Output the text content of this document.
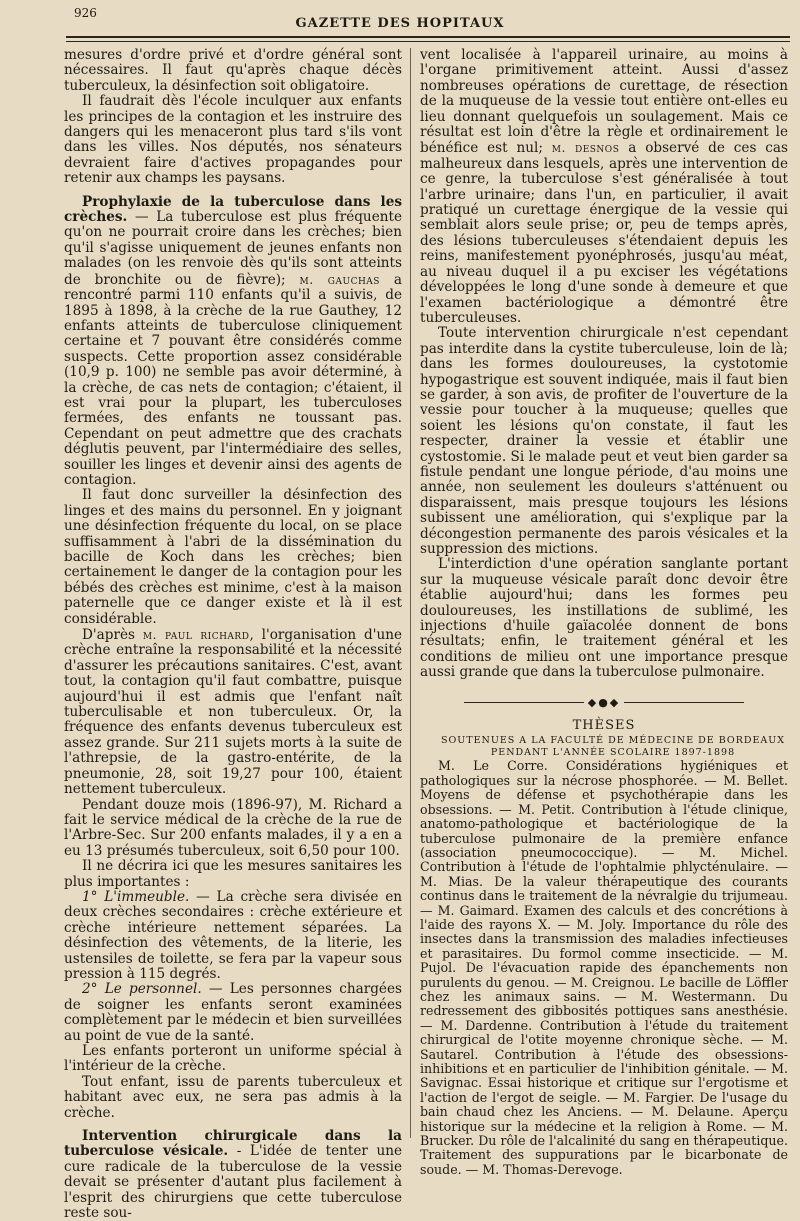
926
GAZETTE DES HOPITAUX

mesures d'ordre privé et d'ordre général sont nécessaires. Il faut qu'après chaque décès tuberculeux, la désinfection soit obligatoire.

Il faudrait dès l'école inculquer aux enfants les principes de la contagion et les instruire des dangers qui les menaceront plus tard s'ils vont dans les villes. Nos députés, nos sénateurs devraient faire d'actives propagandes pour retenir aux champs les paysans.

Prophylaxie de la tuberculose dans les crèches. — La tuberculose est plus fréquente qu'on ne pourrait croire dans les crèches; bien qu'il s'agisse uniquement de jeunes enfants non malades (on les renvoie dès qu'ils sont atteints de bronchite ou de fièvre); m. gauchas a rencontré parmi 110 enfants qu'il a suivis, de 1895 à 1898, à la crèche de la rue Gauthey, 12 enfants atteints de tuberculose cliniquement certaine et 7 pouvant être considérés comme suspects. Cette proportion assez considérable (10,9 p. 100) ne semble pas avoir déterminé, à la crèche, de cas nets de contagion; c'étaient, il est vrai pour la plupart, les tuberculoses fermées, des enfants ne toussant pas. Cependant on peut admettre que des crachats déglutis peuvent, par l'intermédiaire des selles, souiller les linges et devenir ainsi des agents de contagion.

Il faut donc surveiller la désinfection des linges et des mains du personnel. En y joignant une désinfection fréquente du local, on se place suffisamment à l'abri de la dissémination du bacille de Koch dans les crèches; bien certainement le danger de la contagion pour les bébés des crèches est minime, c'est à la maison paternelle que ce danger existe et là il est considérable.

D'après m. paul richard, l'organisation d'une crèche entraîne la responsabilité et la nécessité d'assurer les précautions sanitaires. C'est, avant tout, la contagion qu'il faut combattre, puisque aujourd'hui il est admis que l'enfant naît tuberculisable et non tuberculeux. Or, la fréquence des enfants devenus tuberculeux est assez grande. Sur 211 sujets morts à la suite de l'athrepsie, de la gastro-entérite, de la pneumonie, 28, soit 19,27 pour 100, étaient nettement tuberculeux.

Pendant douze mois (1896-97), M. Richard a fait le service médical de la crèche de la rue de l'Arbre-Sec. Sur 200 enfants malades, il y a en a eu 13 présumés tuberculeux, soit 6,50 pour 100.

Il ne décrira ici que les mesures sanitaires les plus importantes :

1° L'immeuble. — La crèche sera divisée en deux crèches secondaires : crèche extérieure et crèche intérieure nettement séparées. La désinfection des vêtements, de la literie, les ustensiles de toilette, se fera par la vapeur sous pression à 115 degrés.

2° Le personnel. — Les personnes chargées de soigner les enfants seront examinées complètement par le médecin et bien surveillées au point de vue de la santé.

Les enfants porteront un uniforme spécial à l'intérieur de la crèche.

Tout enfant, issu de parents tuberculeux et habitant avec eux, ne sera pas admis à la crèche.

Intervention chirurgicale dans la tuberculose vésicale. - L'idée de tenter une cure radicale de la tuberculose de la vessie devait se présenter d'autant plus facilement à l'esprit des chirurgiens que cette tuberculose reste sou-

vent localisée à l'appareil urinaire, au moins à l'organe primitivement atteint. Aussi d'assez nombreuses opérations de curettage, de résection de la muqueuse de la vessie tout entière ont-elles eu lieu donnant quelquefois un soulagement. Mais ce résultat est loin d'être la règle et ordinairement le bénéfice est nul; m. desnos a observé de ces cas malheureux dans lesquels, après une intervention de ce genre, la tuberculose s'est généralisée à tout l'arbre urinaire; dans l'un, en particulier, il avait pratiqué un curettage énergique de la vessie qui semblait alors seule prise; or, peu de temps après, des lésions tuberculeuses s'étendaient depuis les reins, manifestement pyonéphrosés, jusqu'au méat, au niveau duquel il a pu exciser les végétations développées le long d'une sonde à demeure et que l'examen bactériologique a démontré être tuberculeuses.

Toute intervention chirurgicale n'est cependant pas interdite dans la cystite tuberculeuse, loin de là; dans les formes douloureuses, la cystotomie hypogastrique est souvent indiquée, mais il faut bien se garder, à son avis, de profiter de l'ouverture de la vessie pour toucher à la muqueuse; quelles que soient les lésions qu'on constate, il faut les respecter, drainer la vessie et établir une cystostomie. Si le malade peut et veut bien garder sa fistule pendant une longue période, d'au moins une année, non seulement les douleurs s'atténuent ou disparaissent, mais presque toujours les lésions subissent une amélioration, qui s'explique par la décongestion permanente des parois vésicales et la suppression des mictions.

L'interdiction d'une opération sanglante portant sur la muqueuse vésicale paraît donc devoir être établie aujourd'hui; dans les formes peu douloureuses, les instillations de sublimé, les injections d'huile gaïacolée donnent de bons résultats; enfin, le traitement général et les conditions de milieu ont une importance presque aussi grande que dans la tuberculose pulmonaire.

◆●◆
THÈSES

SOUTENUES A LA FACULTÉ DE MÉDECINE DE BORDEAUX

PENDANT L'ANNÉE SCOLAIRE 1897-1898

M. Le Corre. Considérations hygiéniques et pathologiques sur la nécrose phosphorée. — M. Bellet. Moyens de défense et psychothérapie dans les obsessions. — M. Petit. Contribution à l'étude clinique, anatomo-pathologique et bactériologique de la tuberculose pulmonaire de la première enfance (association pneumococcique). — M. Michel. Contribution à l'étude de l'ophtalmie phlycténulaire. — M. Mias. De la valeur thérapeutique des courants continus dans le traitement de la névralgie du trijumeau. — M. Gaimard. Examen des calculs et des concrétions à l'aide des rayons X. — M. Joly. Importance du rôle des insectes dans la transmission des maladies infectieuses et parasitaires. Du formol comme insecticide. — M. Pujol. De l'évacuation rapide des épanchements non purulents du genou. — M. Creignou. Le bacille de Löffler chez les animaux sains. — M. Westermann. Du redressement des gibbosités pottiques sans anesthésie. — M. Dardenne. Contribution à l'étude du traitement chirurgical de l'otite moyenne chronique sèche. — M. Sautarel. Contribution à l'étude des obsessions-inhibitions et en particulier de l'inhibition génitale. — M. Savignac. Essai historique et critique sur l'ergotisme et l'action de l'ergot de seigle. — M. Fargier. De l'usage du bain chaud chez les Anciens. — M. Delaune. Aperçu historique sur la médecine et la religion à Rome. — M. Brucker. Du rôle de l'alcalinité du sang en thérapeutique. Traitement des suppurations par le bicarbonate de soude. — M. Thomas-Derevoge.
